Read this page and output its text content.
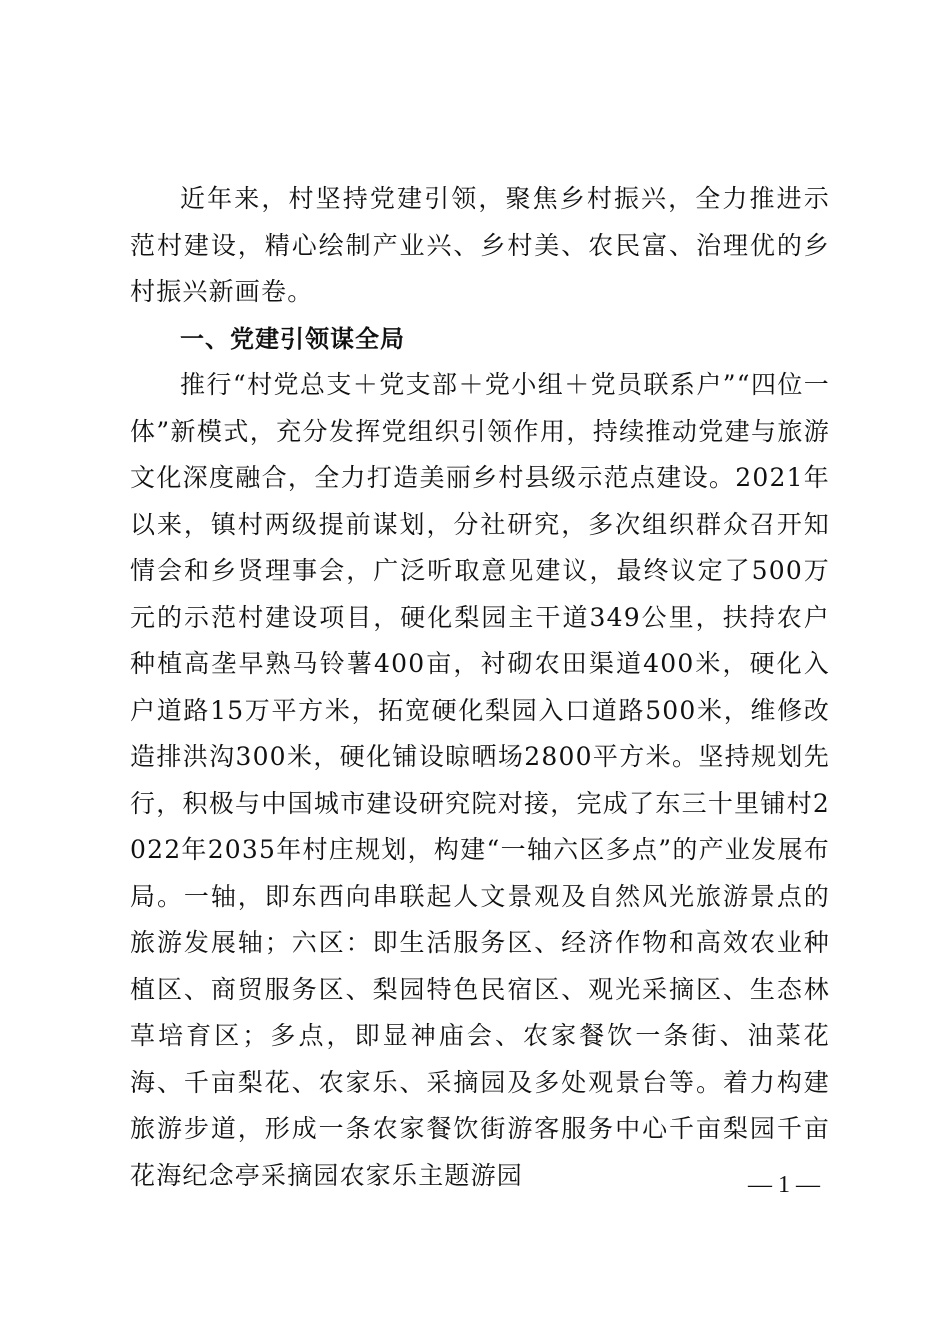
近年来，村坚持党建引领，聚焦乡村振兴，全力推进示范村建设，精心绘制产业兴、乡村美、农民富、治理优的乡村振兴新画卷。

一、党建引领谋全局

推行“村党总支＋党支部＋党小组＋党员联系户”“四位一体”新模式，充分发挥党组织引领作用，持续推动党建与旅游文化深度融合，全力打造美丽乡村县级示范点建设。2021年以来，镇村两级提前谋划，分社研究，多次组织群众召开知情会和乡贤理事会，广泛听取意见建议，最终议定了500万元的示范村建设项目，硬化梨园主干道349公里，扶持农户种植高垄早熟马铃薯400亩，衬砌农田渠道400米，硬化入户道路15万平方米，拓宽硬化梨园入口道路500米，维修改造排洪沟300米，硬化铺设晾晒场2800平方米。坚持规划先行，积极与中国城市建设研究院对接，完成了东三十里铺村2022年2035年村庄规划，构建“一轴六区多点”的产业发展布局。一轴，即东西向串联起人文景观及自然风光旅游景点的旅游发展轴；六区：即生活服务区、经济作物和高效农业种植区、商贸服务区、梨园特色民宿区、观光采摘区、生态林草培育区；多点，即显神庙会、农家餐饮一条街、油菜花海、千亩梨花、农家乐、采摘园及多处观景台等。着力构建旅游步道，形成一条农家餐饮街游客服务中心千亩梨园千亩花海纪念亭采摘园农家乐主题游园	— 1 —
